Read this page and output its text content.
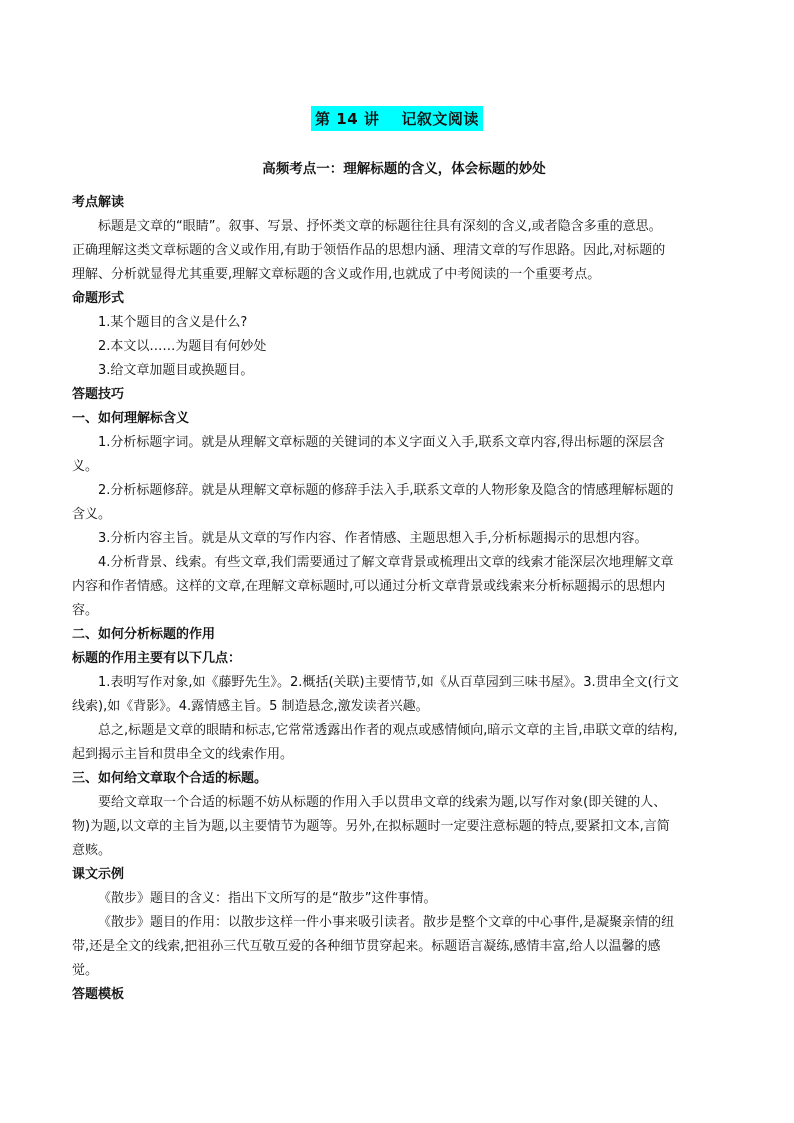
第 14 讲 记叙文阅读
高频考点一：理解标题的含义，体会标题的妙处
考点解读
标题是文章的“眼睛”。叙事、写景、抒怀类文章的标题往往具有深刻的含义,或者隐含多重的意思。
正确理解这类文章标题的含义或作用,有助于领悟作品的思想内涵、理清文章的写作思路。因此,对标题的
理解、分析就显得尤其重要,理解文章标题的含义或作用,也就成了中考阅读的一个重要考点。
命题形式
1.某个题目的含义是什么?
2.本文以……为题目有何妙处
3.给文章加题目或换题目。
答题技巧
一、如何理解标含义
1.分析标题字词。就是从理解文章标题的关键词的本义字面义入手,联系文章内容,得出标题的深层含
义。
2.分析标题修辞。就是从理解文章标题的修辞手法入手,联系文章的人物形象及隐含的情感理解标题的
含义。
3.分析内容主旨。就是从文章的写作内容、作者情感、主题思想入手,分析标题揭示的思想内容。
4.分析背景、线索。有些文章,我们需要通过了解文章背景或梳理出文章的线索才能深层次地理解文章
内容和作者情感。这样的文章,在理解文章标题时,可以通过分析文章背景或线索来分析标题揭示的思想内
容。
二、如何分析标题的作用
标题的作用主要有以下几点：
1.表明写作对象,如《藤野先生》。2.概括(关联)主要情节,如《从百草园到三味书屋》。3.贯串全文(行文
线索),如《背影》。4.露情感主旨。5 制造悬念,激发读者兴趣。
总之,标题是文章的眼睛和标志,它常常透露出作者的观点或感情倾向,暗示文章的主旨,串联文章的结构,
起到揭示主旨和贯串全文的线索作用。
三、如何给文章取个合适的标题。
要给文章取一个合适的标题不妨从标题的作用入手以贯串文章的线索为题,以写作对象(即关键的人、
物)为题,以文章的主旨为题,以主要情节为题等。另外,在拟标题时一定要注意标题的特点,要紧扣文本,言简
意赅。
课文示例
《散步》题目的含义：指出下文所写的是“散步”这件事情。
《散步》题目的作用：以散步这样一件小事来吸引读者。散步是整个文章的中心事件,是凝聚亲情的纽
带,还是全文的线索,把祖孙三代互敬互爱的各种细节贯穿起来。标题语言凝练,感情丰富,给人以温馨的感
觉。
答题模板
